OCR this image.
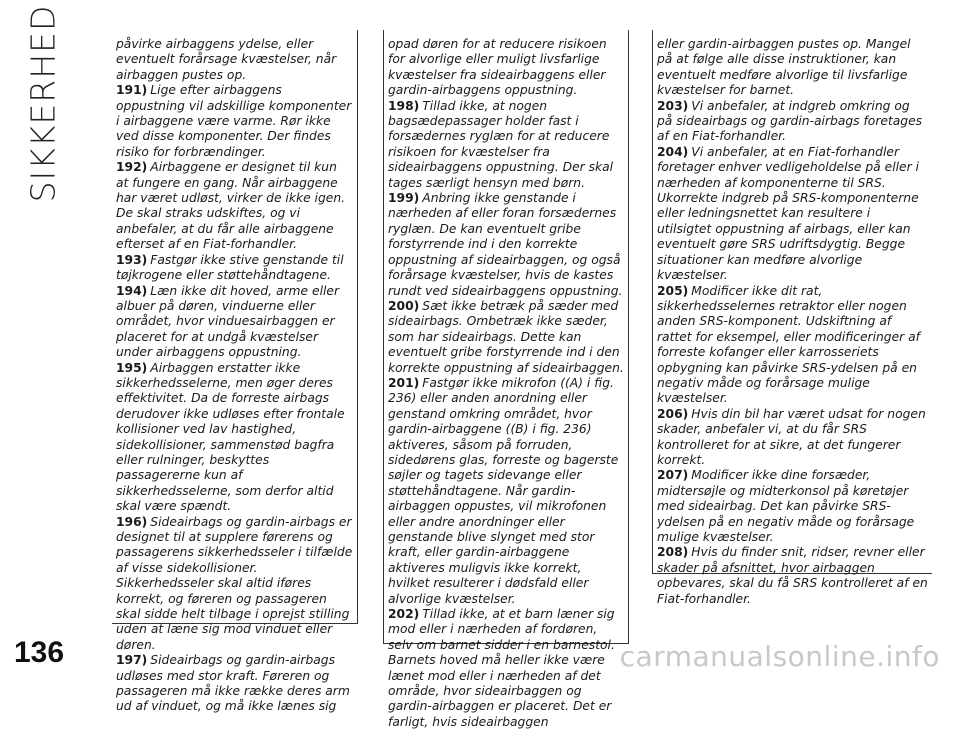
SIKKERHED	påvirke airbaggens ydelse, eller eventuelt forårsage kvæstelser, når airbaggen pustes op.

191) Lige efter airbaggens oppustning vil adskillige komponenter i airbaggene være varme. Rør ikke ved disse komponenter. Der findes risiko for forbrændinger.

192) Airbaggene er designet til kun at fungere en gang. Når airbaggene har været udløst, virker de ikke igen. De skal straks udskiftes, og vi anbefaler, at du får alle airbaggene efterset af en Fiat-forhandler.

193) Fastgør ikke stive genstande til tøjkrogene eller støttehåndtagene.

194) Læn ikke dit hoved, arme eller albuer på døren, vinduerne eller området, hvor vinduesairbaggen er placeret for at undgå kvæstelser under airbaggens oppustning.

195) Airbaggen erstatter ikke sikkerhedsselerne, men øger deres effektivitet. Da de forreste airbags derudover ikke udløses efter frontale kollisioner ved lav hastighed, sidekollisioner, sammenstød bagfra eller rulninger, beskyttes passagererne kun af sikkerhedsselerne, som derfor altid skal være spændt.

196) Sideairbags og gardin-airbags er designet til at supplere førerens og passagerens sikkerhedsseler i tilfælde af visse sidekollisioner. Sikkerhedsseler skal altid iføres korrekt, og føreren og passageren skal sidde helt tilbage i oprejst stilling uden at læne sig mod vinduet eller døren.

197) Sideairbags og gardin-airbags udløses med stor kraft. Føreren og passageren må ikke række deres arm ud af vinduet, og må ikke lænes sig

opad døren for at reducere risikoen for alvorlige eller muligt livsfarlige kvæstelser fra sideairbaggens eller gardin-airbaggens oppustning.

198) Tillad ikke, at nogen bagsædepassager holder fast i forsædernes ryglæn for at reducere risikoen for kvæstelser fra sideairbaggens oppustning. Der skal tages særligt hensyn med børn.

199) Anbring ikke genstande i nærheden af eller foran forsædernes ryglæn. De kan eventuelt gribe forstyrrende ind i den korrekte oppustning af sideairbaggen, og også forårsage kvæstelser, hvis de kastes rundt ved sideairbaggens oppustning.

200) Sæt ikke betræk på sæder med sideairbags. Ombetræk ikke sæder, som har sideairbags. Dette kan eventuelt gribe forstyrrende ind i den korrekte oppustning af sideairbaggen.

201) Fastgør ikke mikrofon ((A) i fig. 236) eller anden anordning eller genstand omkring området, hvor gardin-airbaggene ((B) i fig. 236) aktiveres, såsom på forruden, sidedørens glas, forreste og bagerste søjler og tagets sidevange eller støttehåndtagene. Når gardin-airbaggen oppustes, vil mikrofonen eller andre anordninger eller genstande blive slynget med stor kraft, eller gardin-airbaggene aktiveres muligvis ikke korrekt, hvilket resulterer i dødsfald eller alvorlige kvæstelser.

202) Tillad ikke, at et barn læner sig mod eller i nærheden af fordøren, selv om barnet sidder i en barnestol. Barnets hoved må heller ikke være lænet mod eller i nærheden af det område, hvor sideairbaggen og gardin-airbaggen er placeret. Det er farligt, hvis sideairbaggen

eller gardin-airbaggen pustes op. Mangel på at følge alle disse instruktioner, kan eventuelt medføre alvorlige til livsfarlige kvæstelser for barnet.

203) Vi anbefaler, at indgreb omkring og på sideairbags og gardin-airbags foretages af en Fiat-forhandler.

204) Vi anbefaler, at en Fiat-forhandler foretager enhver vedligeholdelse på eller i nærheden af komponenterne til SRS. Ukorrekte indgreb på SRS-komponenterne eller ledningsnettet kan resultere i utilsigtet oppustning af airbags, eller kan eventuelt gøre SRS udriftsdygtig. Begge situationer kan medføre alvorlige kvæstelser.

205) Modificer ikke dit rat, sikkerhedsselernes retraktor eller nogen anden SRS-komponent. Udskiftning af rattet for eksempel, eller modificeringer af forreste kofanger eller karrosseriets opbygning kan påvirke SRS-ydelsen på en negativ måde og forårsage mulige kvæstelser.

206) Hvis din bil har været udsat for nogen skader, anbefaler vi, at du får SRS kontrolleret for at sikre, at det fungerer korrekt.

207) Modificer ikke dine forsæder, midtersøjle og midterkonsol på køretøjer med sideairbag. Det kan påvirke SRS-ydelsen på en negativ måde og forårsage mulige kvæstelser.

208) Hvis du finder snit, ridser, revner eller skader på afsnittet, hvor airbaggen opbevares, skal du få SRS kontrolleret af en Fiat-forhandler.

136	carmanualsonline.info
